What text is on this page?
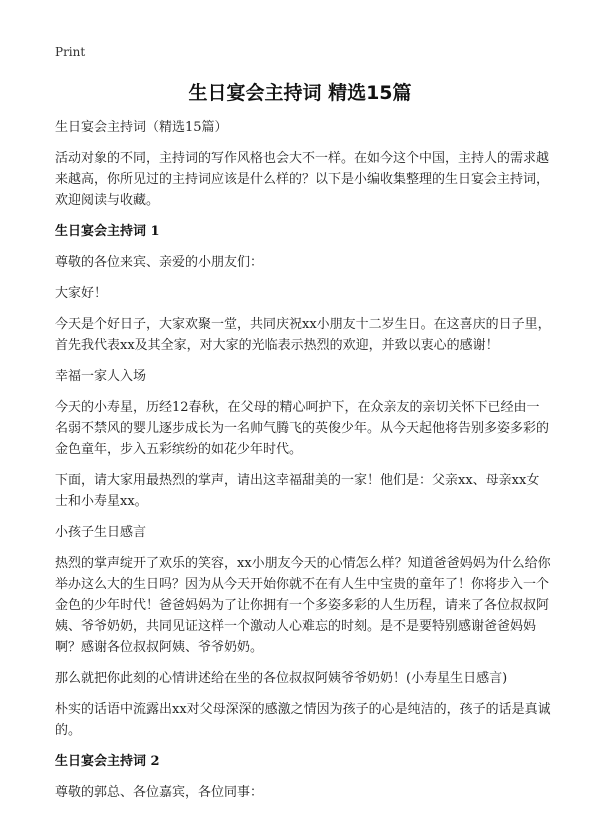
Print
生日宴会主持词 精选15篇

生日宴会主持词（精选15篇）

活动对象的不同，主持词的写作风格也会大不一样。在如今这个中国，主持人的需求越来越高，你所见过的主持词应该是什么样的？以下是小编收集整理的生日宴会主持词，欢迎阅读与收藏。

生日宴会主持词 1

尊敬的各位来宾、亲爱的小朋友们：

大家好！

今天是个好日子，大家欢聚一堂，共同庆祝xx小朋友十二岁生日。在这喜庆的日子里，首先我代表xx及其全家，对大家的光临表示热烈的欢迎，并致以衷心的感谢！

幸福一家人入场

今天的小寿星，历经12春秋，在父母的精心呵护下，在众亲友的亲切关怀下已经由一名弱不禁风的婴儿逐步成长为一名帅气腾飞的英俊少年。从今天起他将告别多姿多彩的金色童年，步入五彩缤纷的如花少年时代。

下面，请大家用最热烈的掌声，请出这幸福甜美的一家！他们是：父亲xx、母亲xx女士和小寿星xx。

小孩子生日感言

热烈的掌声绽开了欢乐的笑容，xx小朋友今天的心情怎么样？知道爸爸妈妈为什么给你举办这么大的生日吗？因为从今天开始你就不在有人生中宝贵的童年了！你将步入一个金色的少年时代！爸爸妈妈为了让你拥有一个多姿多彩的人生历程，请来了各位叔叔阿姨、爷爷奶奶，共同见证这样一个激动人心难忘的时刻。是不是要特别感谢爸爸妈妈啊？感谢各位叔叔阿姨、爷爷奶奶。

那么就把你此刻的心情讲述给在坐的各位叔叔阿姨爷爷奶奶！(小寿星生日感言)

朴实的话语中流露出xx对父母深深的感激之情因为孩子的心是纯洁的，孩子的话是真诚的。

生日宴会主持词 2

尊敬的郭总、各位嘉宾，各位同事：
